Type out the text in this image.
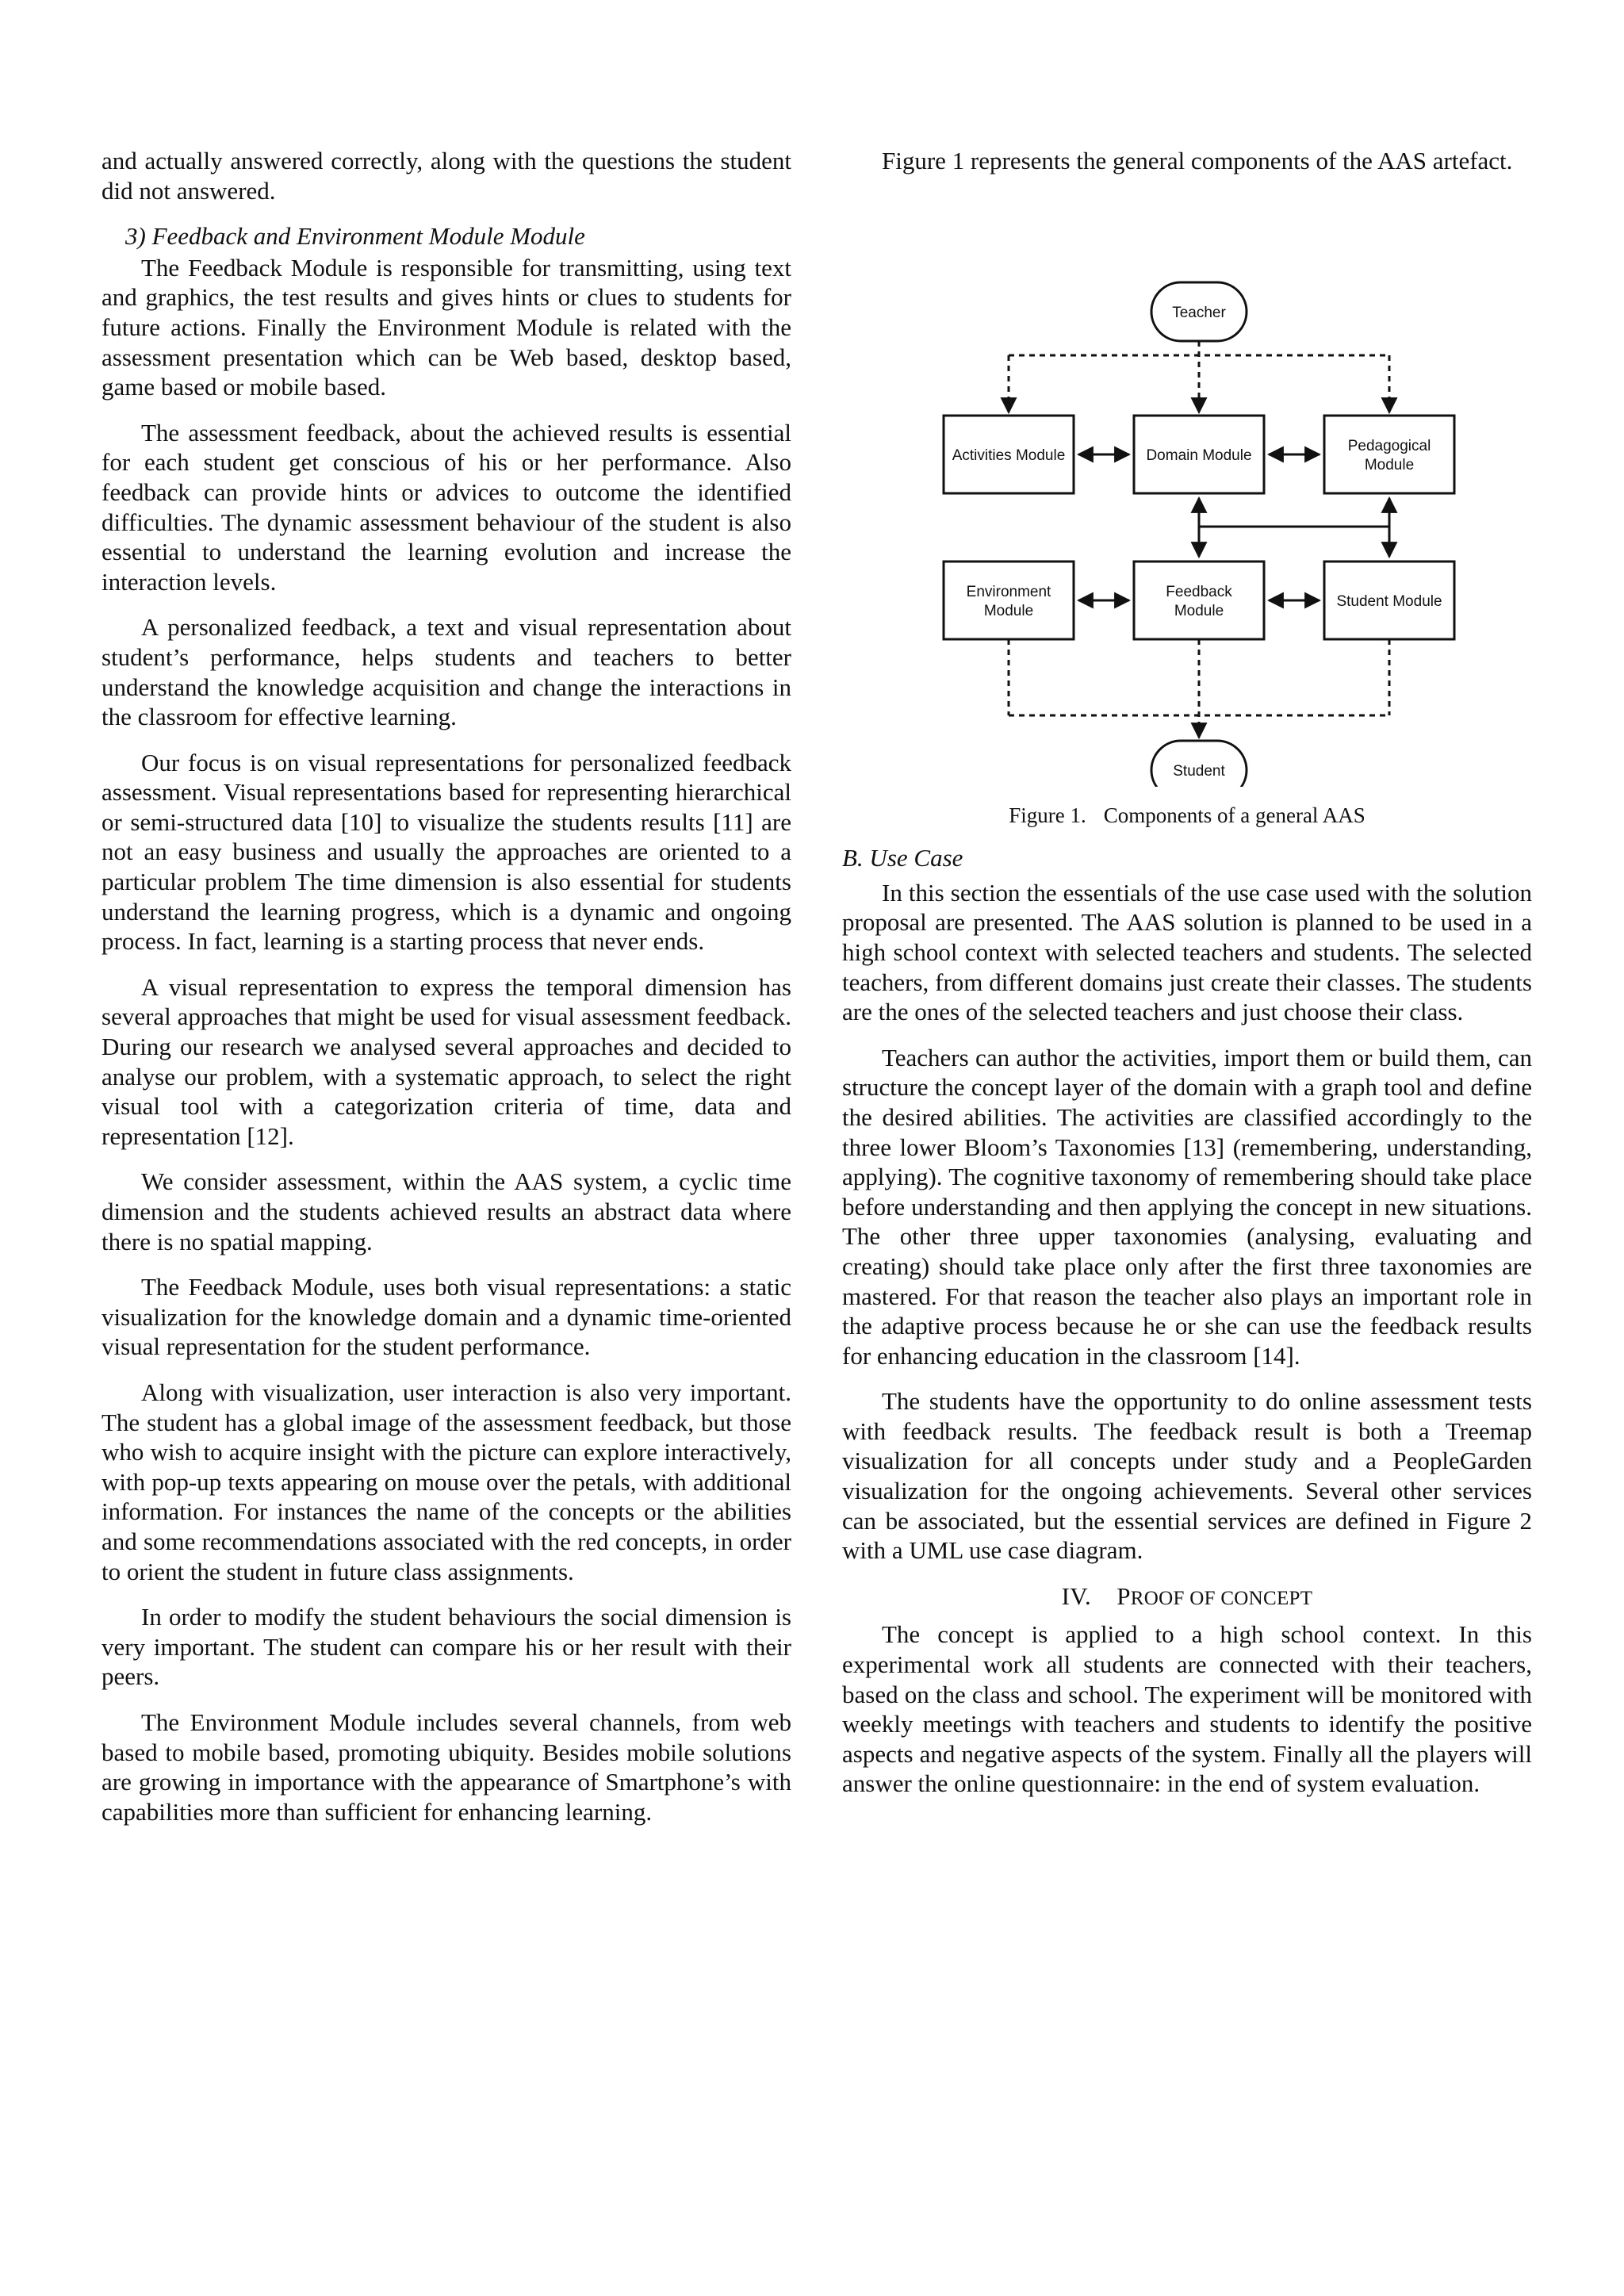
and actually answered correctly, along with the questions the student did not answered.

3) Feedback and Environment Module Module

The Feedback Module is responsible for transmitting, using text and graphics, the test results and gives hints or clues to students for future actions. Finally the Environment Module is related with the assessment presentation which can be Web based, desktop based, game based or mobile based.

The assessment feedback, about the achieved results is essential for each student get conscious of his or her performance. Also feedback can provide hints or advices to outcome the identified difficulties. The dynamic assessment behaviour of the student is also essential to understand the learning evolution and increase the interaction levels.

A personalized feedback, a text and visual representation about student’s performance, helps students and teachers to better understand the knowledge acquisition and change the interactions in the classroom for effective learning.

Our focus is on visual representations for personalized feedback assessment. Visual representations based for representing hierarchical or semi-structured data [10] to visualize the students results [11] are not an easy business and usually the approaches are oriented to a particular problem The time dimension is also essential for students understand the learning progress, which is a dynamic and ongoing process. In fact, learning is a starting process that never ends.

A visual representation to express the temporal dimension has several approaches that might be used for visual assessment feedback. During our research we analysed several approaches and decided to analyse our problem, with a systematic approach, to select the right visual tool with a categorization criteria of time, data and representation [12].

We consider assessment, within the AAS system, a cyclic time dimension and the students achieved results an abstract data where there is no spatial mapping.

The Feedback Module, uses both visual representations: a static visualization for the knowledge domain and a dynamic time-oriented visual representation for the student performance.

Along with visualization, user interaction is also very important. The student has a global image of the assessment feedback, but those who wish to acquire insight with the picture can explore interactively, with pop-up texts appearing on mouse over the petals, with additional information. For instances the name of the concepts or the abilities and some recommendations associated with the red concepts, in order to orient the student in future class assignments.

In order to modify the student behaviours the social dimension is very important. The student can compare his or her result with their peers.

The Environment Module includes several channels, from web based to mobile based, promoting ubiquity. Besides mobile solutions are growing in importance with the appearance of Smartphone’s with capabilities more than sufficient for enhancing learning.

Figure 1 represents the general components of the AAS artefact.

Teacher
Activities Module	Domain Module
Pedagogical
Module
Environment
Module
Feedback
Module
Student Module
Student
Figure 1. Components of a general AAS
B. Use Case

In this section the essentials of the use case used with the solution proposal are presented. The AAS solution is planned to be used in a high school context with selected teachers and students. The selected teachers, from different domains just create their classes. The students are the ones of the selected teachers and just choose their class.

Teachers can author the activities, import them or build them, can structure the concept layer of the domain with a graph tool and define the desired abilities. The activities are classified accordingly to the three lower Bloom’s Taxonomies [13] (remembering, understanding, applying). The cognitive taxonomy of remembering should take place before understanding and then applying the concept in new situations. The other three upper taxonomies (analysing, evaluating and creating) should take place only after the first three taxonomies are mastered. For that reason the teacher also plays an important role in the adaptive process because he or she can use the feedback results for enhancing education in the classroom [14].

The students have the opportunity to do online assessment tests with feedback results. The feedback result is both a Treemap visualization for all concepts under study and a PeopleGarden visualization for the ongoing achievements. Several other services can be associated, but the essential services are defined in Figure 2 with a UML use case diagram.

IV. PROOF OF CONCEPT

The concept is applied to a high school context. In this experimental work all students are connected with their teachers, based on the class and school. The experiment will be monitored with weekly meetings with teachers and students to identify the positive aspects and negative aspects of the system. Finally all the players will answer the online questionnaire: in the end of system evaluation.
